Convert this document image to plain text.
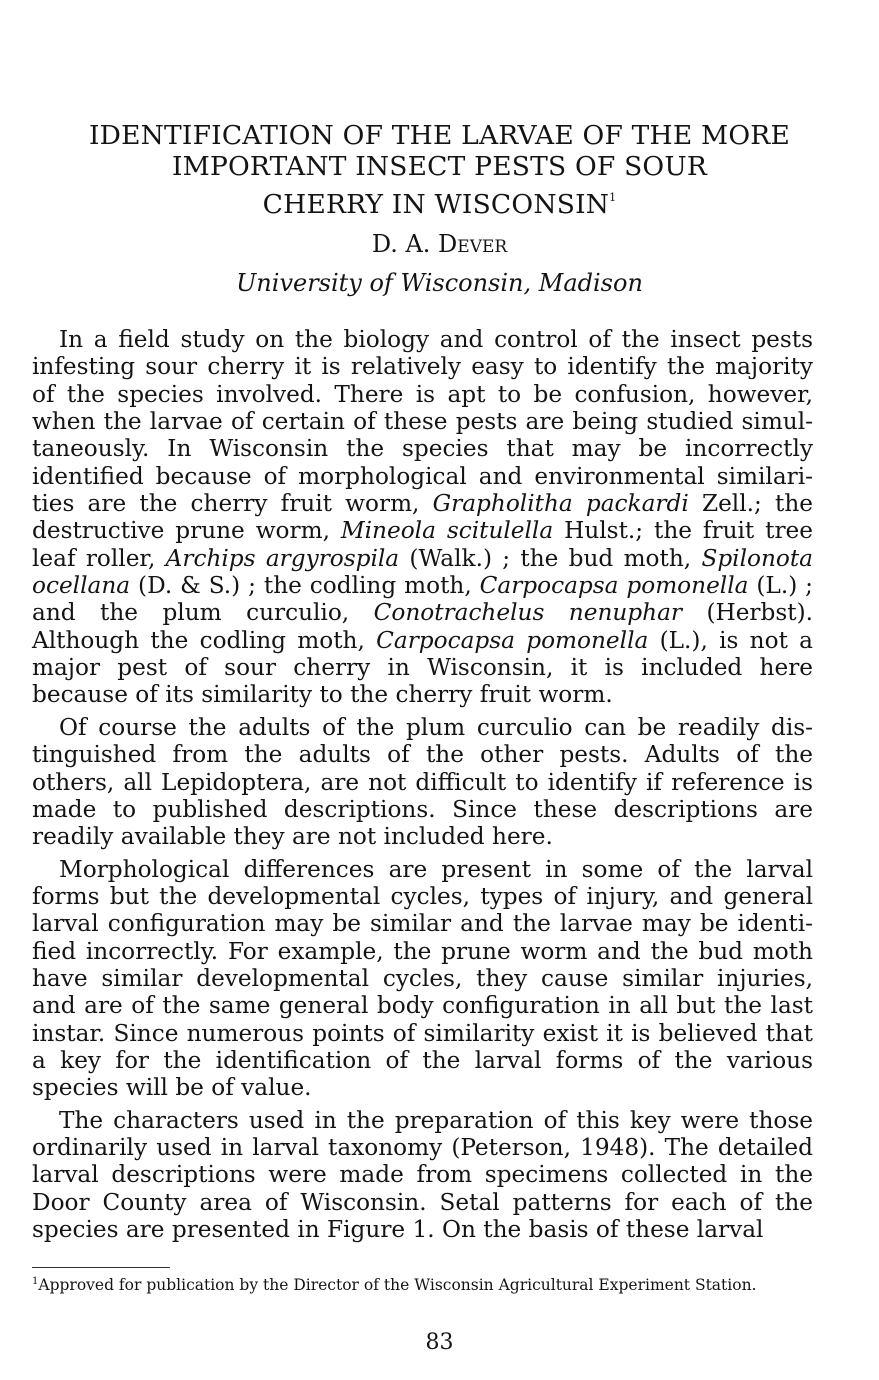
IDENTIFICATION OF THE LARVAE OF THE MORE
IMPORTANT INSECT PESTS OF SOUR
CHERRY IN WISCONSIN$^1$
D. A. Dever
University of Wisconsin, Madison

In a field study on the biology and control of the insect pests infesting sour cherry it is relatively easy to identify the majority of the species involved. There is apt to be confusion, however, when the larvae of certain of these pests are being studied simultaneously. In Wisconsin the species that may be incorrectly identified because of morphological and environmental similarities are the cherry fruit worm, Grapholitha packardi Zell.; the destructive prune worm, Mineola scitulella Hulst.; the fruit tree leaf roller, Archips argyrospila (Walk.) ; the bud moth, Spilonota ocellana (D. & S.) ; the codling moth, Carpocapsa pomonella (L.) ; and the plum curculio, Conotrachelus nenuphar (Herbst). Although the codling moth, Carpocapsa pomonella (L.), is not a major pest of sour cherry in Wisconsin, it is included here because of its similarity to the cherry fruit worm.

Of course the adults of the plum curculio can be readily distinguished from the adults of the other pests. Adults of the others, all Lepidoptera, are not difficult to identify if reference is made to published descriptions. Since these descriptions are readily available they are not included here.

Morphological differences are present in some of the larval forms but the developmental cycles, types of injury, and general larval configuration may be similar and the larvae may be identified incorrectly. For example, the prune worm and the bud moth have similar developmental cycles, they cause similar injuries, and are of the same general body configuration in all but the last instar. Since numerous points of similarity exist it is believed that a key for the identification of the larval forms of the various species will be of value.

The characters used in the preparation of this key were those ordinarily used in larval taxonomy (Peterson, 1948). The detailed larval descriptions were made from specimens collected in the Door County area of Wisconsin. Setal patterns for each of the species are presented in Figure 1. On the basis of these larval

$^1$Approved for publication by the Director of the Wisconsin Agricultural Experiment Station.
83
